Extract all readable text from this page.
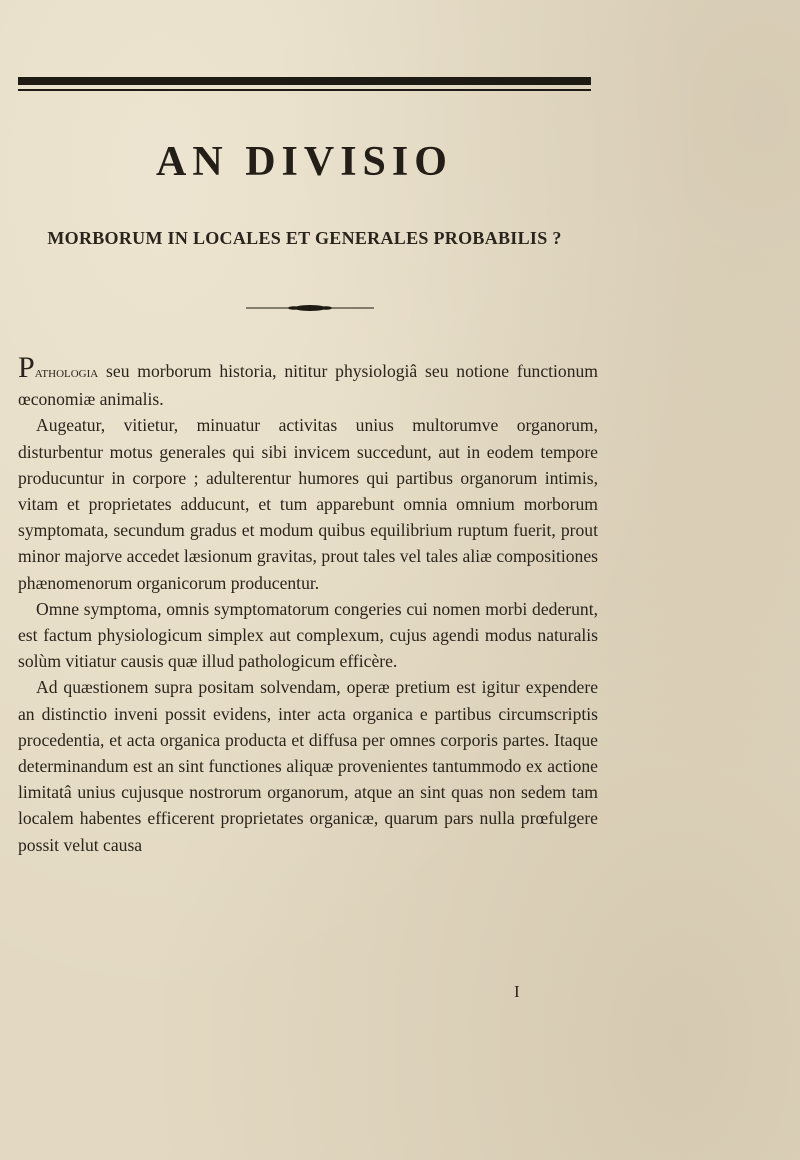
AN DIVISIO
MORBORUM IN LOCALES ET GENERALES PROBABILIS ?

Pathologia seu morborum historia, nititur physiologiâ seu notione functionum œconomiæ animalis.

Augeatur, vitietur, minuatur activitas unius multorumve organorum, disturbentur motus generales qui sibi invicem succedunt, aut in eodem tempore producuntur in corpore ; adulterentur humores qui partibus organorum intimis, vitam et proprietates adducunt, et tum apparebunt omnia omnium morborum symptomata, secundum gradus et modum quibus equilibrium ruptum fuerit, prout minor majorve accedet læsionum gravitas, prout tales vel tales aliæ compositiones phænomenorum organicorum producentur.

Omne symptoma, omnis symptomatorum congeries cui nomen morbi dederunt, est factum physiologicum simplex aut complexum, cujus agendi modus naturalis solùm vitiatur causis quæ illud pathologicum efficère.

Ad quæstionem supra positam solvendam, operæ pretium est igitur expendere an distinctio inveni possit evidens, inter acta organica e partibus circumscriptis procedentia, et acta organica producta et diffusa per omnes corporis partes. Itaque determinandum est an sint functiones aliquæ provenientes tantummodo ex actione limitatâ unius cujusque nostrorum organorum, atque an sint quas non sedem tam localem habentes efficerent proprietates organicæ, quarum pars nulla prœfulgere possit velut causa

I
